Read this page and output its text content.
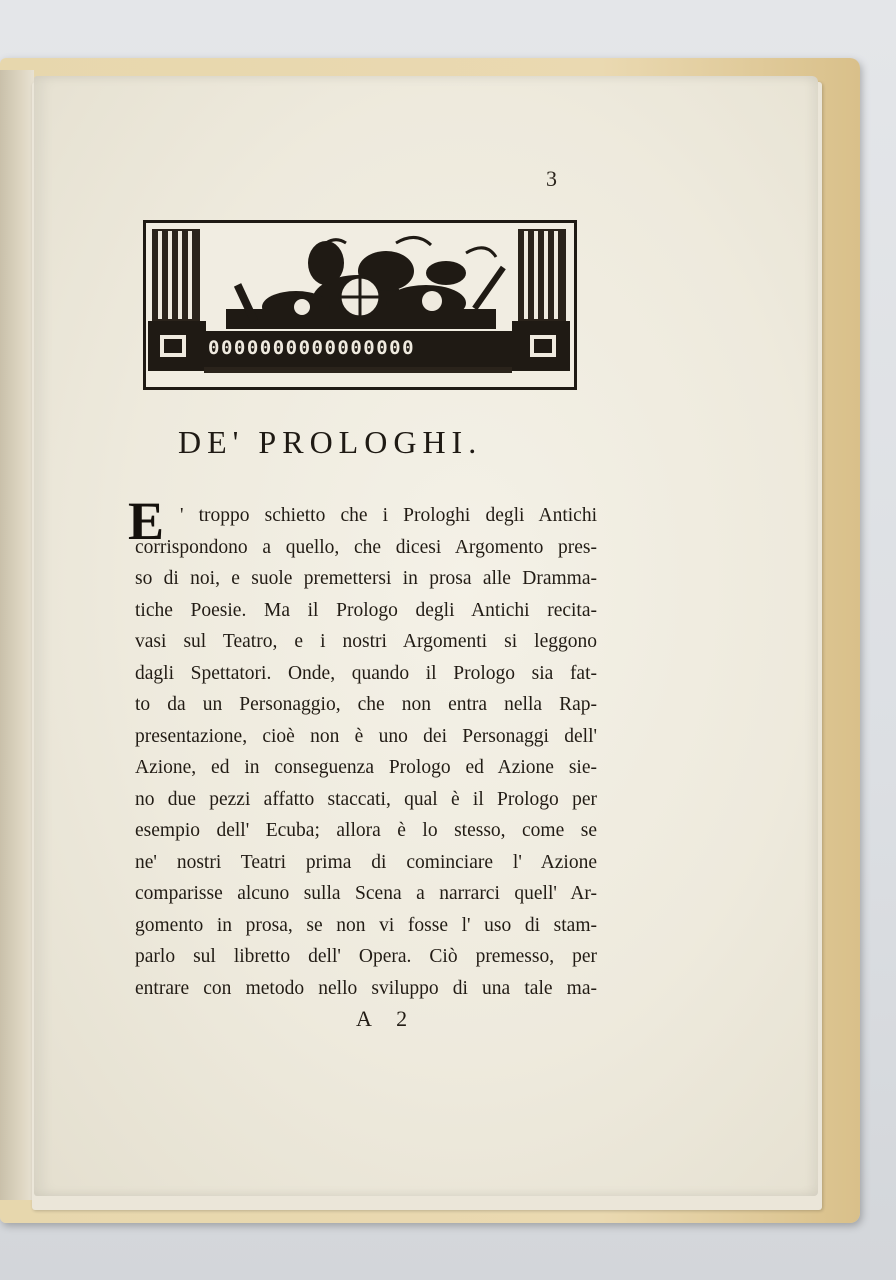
3
0000000000000000
DE' PROLOGHI.
E ' troppo schietto che i Prologhi degli Antichi
corrispondono a quello, che dicesi Argomento pres-
so di noi, e suole premettersi in prosa alle Dramma-
tiche Poesie. Ma il Prologo degli Antichi recita-
vasi sul Teatro, e i nostri Argomenti si leggono
dagli Spettatori. Onde, quando il Prologo sia fat-
to da un Personaggio, che non entra nella Rap-
presentazione, cioè non è uno dei Personaggi dell'
Azione, ed in conseguenza Prologo ed Azione sie-
no due pezzi affatto staccati, qual è il Prologo per
esempio dell' Ecuba; allora è lo stesso, come se
ne' nostri Teatri prima di cominciare l' Azione
comparisse alcuno sulla Scena a narrarci quell' Ar-
gomento in prosa, se non vi fosse l' uso di stam-
parlo sul libretto dell' Opera. Ciò premesso, per
entrare con metodo nello sviluppo di una tale ma-
A 2
